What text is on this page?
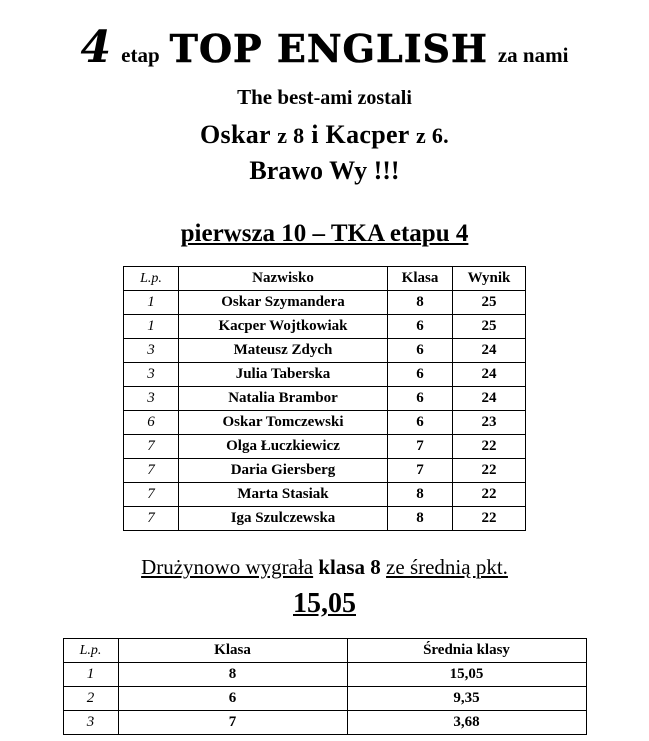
4 etap TOP ENGLISH za nami
The best-ami zostali
Oskar z 8 i Kacper z 6.
Brawo Wy !!!
pierwsza 10 – TKA etapu 4
L.p.	Nazwisko	Klasa	Wynik
1	Oskar Szymandera	8	25
1	Kacper Wojtkowiak	6	25
3	Mateusz Zdych	6	24
3	Julia Taberska	6	24
3	Natalia Brambor	6	24
6	Oskar Tomczewski	6	23
7	Olga Łuczkiewicz	7	22
7	Daria Giersberg	7	22
7	Marta Stasiak	8	22
7	Iga Szulczewska	8	22
Drużynowo wygrała klasa 8 ze średnią pkt.
15,05
L.p.	Klasa	Średnia klasy
1	8	15,05
2	6	9,35
3	7	3,68
